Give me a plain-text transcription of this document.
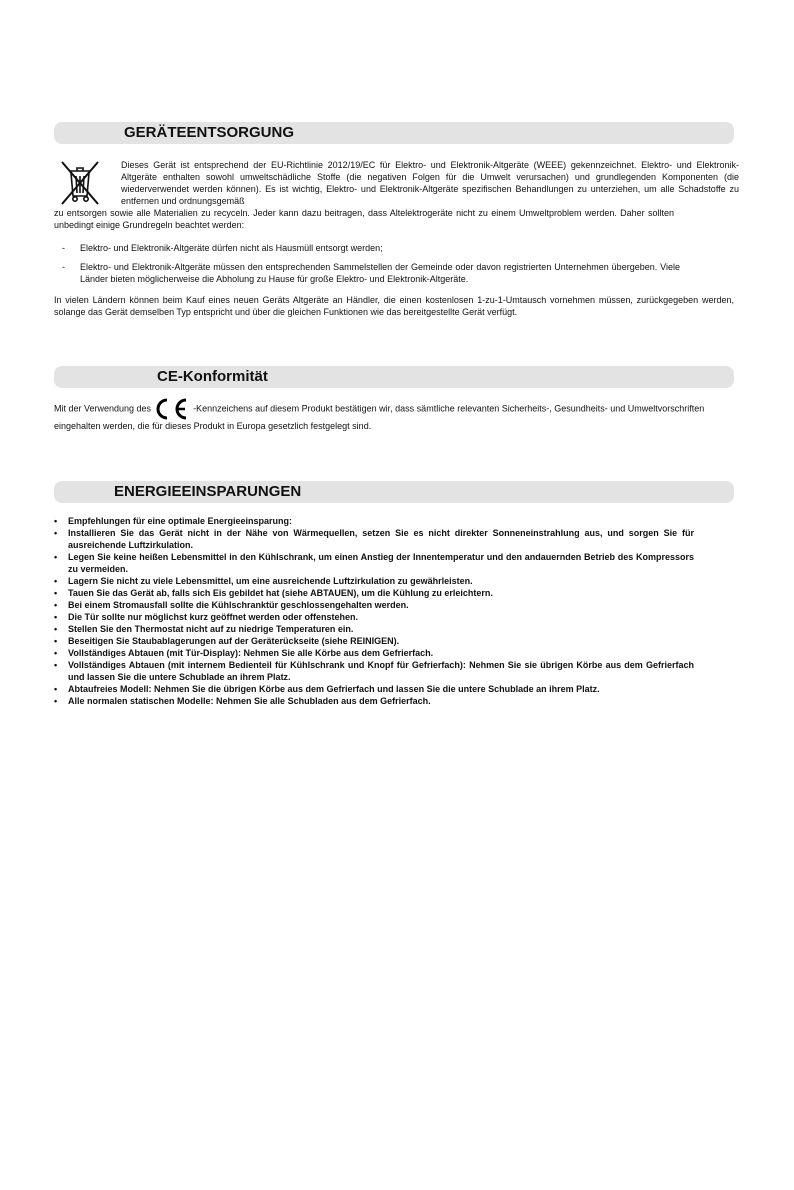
GERÄTEENTSORGUNG

Dieses Gerät ist entsprechend der EU-Richtlinie 2012/19/EC für Elektro- und Elektronik-Altgeräte (WEEE) gekennzeichnet. Elektro- und Elektronik-Altgeräte enthalten sowohl umweltschädliche Stoffe (die negativen Folgen für die Umwelt verursachen) und grundlegenden Komponenten (die wiederverwendet werden können). Es ist wichtig, Elektro- und Elektronik-Altgeräte spezifischen Behandlungen zu unterziehen, um alle Schadstoffe zu entfernen und ordnungsgemäß

zu entsorgen sowie alle Materialien zu recyceln. Jeder kann dazu beitragen, dass Altelektrogeräte nicht zu einem Umweltproblem werden. Daher sollten unbedingt einige Grundregeln beachtet werden:

- Elektro- und Elektronik-Altgeräte dürfen nicht als Hausmüll entsorgt werden;
- Elektro- und Elektronik-Altgeräte müssen den entsprechenden Sammelstellen der Gemeinde oder davon registrierten Unternehmen übergeben. Viele Länder bieten möglicherweise die Abholung zu Hause für große Elektro- und Elektronik-Altgeräte.

In vielen Ländern können beim Kauf eines neuen Geräts Altgeräte an Händler, die einen kostenlosen 1-zu-1-Umtausch vornehmen müssen, zurückgegeben werden, solange das Gerät demselben Typ entspricht und über die gleichen Funktionen wie das bereitgestellte Gerät verfügt.

CE-Konformität
Mit der Verwendung des	-Kennzeichens auf diesem Produkt bestätigen wir, dass sämtliche relevanten Sicherheits-, Gesundheits- und Umweltvorschriften eingehalten werden, die für dieses Produkt in Europa gesetzlich festgelegt sind.
ENERGIEEINSPARUNGEN
• Empfehlungen für eine optimale Energieeinsparung:
• Installieren Sie das Gerät nicht in der Nähe von Wärmequellen, setzen Sie es nicht direkter Sonneneinstrahlung aus, und sorgen Sie für ausreichende Luftzirkulation.
• Legen Sie keine heißen Lebensmittel in den Kühlschrank, um einen Anstieg der Innentemperatur und den andauernden Betrieb des Kompressors zu vermeiden.
• Lagern Sie nicht zu viele Lebensmittel, um eine ausreichende Luftzirkulation zu gewährleisten.
• Tauen Sie das Gerät ab, falls sich Eis gebildet hat (siehe ABTAUEN), um die Kühlung zu erleichtern.
• Bei einem Stromausfall sollte die Kühlschranktür geschlossengehalten werden.
• Die Tür sollte nur möglichst kurz geöffnet werden oder offenstehen.
• Stellen Sie den Thermostat nicht auf zu niedrige Temperaturen ein.
• Beseitigen Sie Staubablagerungen auf der Geräterückseite (siehe REINIGEN).
• Vollständiges Abtauen (mit Tür-Display): Nehmen Sie alle Körbe aus dem Gefrierfach.
• Vollständiges Abtauen (mit internem Bedienteil für Kühlschrank und Knopf für Gefrierfach): Nehmen Sie sie übrigen Körbe aus dem Gefrierfach und lassen Sie die untere Schublade an ihrem Platz.
• Abtaufreies Modell: Nehmen Sie die übrigen Körbe aus dem Gefrierfach und lassen Sie die untere Schublade an ihrem Platz.
• Alle normalen statischen Modelle: Nehmen Sie alle Schubladen aus dem Gefrierfach.
